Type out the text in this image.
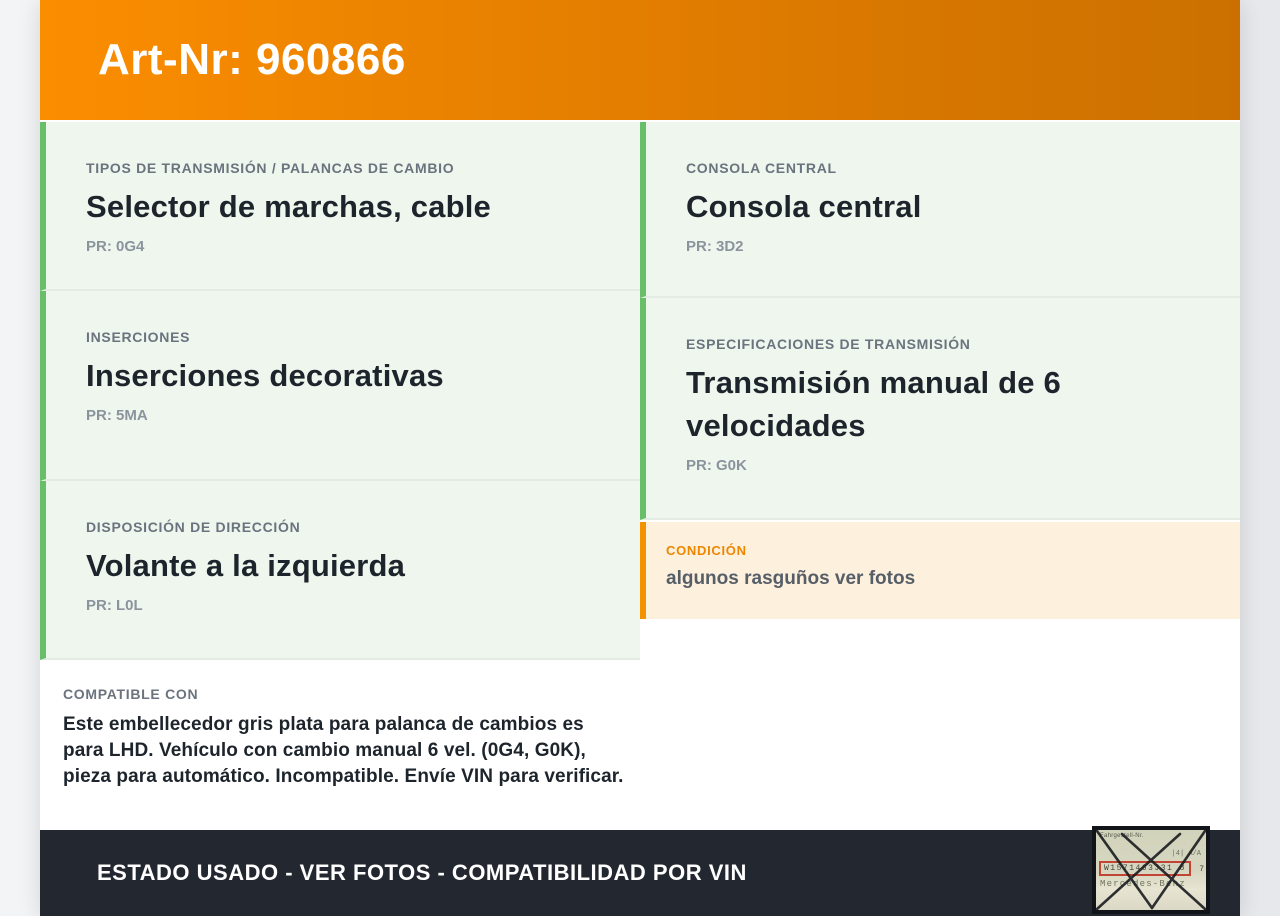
Art-Nr: 960866
TIPOS DE TRANSMISIÓN / PALANCAS DE CAMBIO
Selector de marchas, cable
PR: 0G4
INSERCIONES
Inserciones decorativas
PR: 5MA
DISPOSICIÓN DE DIRECCIÓN
Volante a la izquierda
PR: L0L
CONSOLA CENTRAL
Consola central
PR: 3D2
ESPECIFICACIONES DE TRANSMISIÓN
Transmisión manual de 6 velocidades
PR: G0K
CONDICIÓN
algunos rasguños ver fotos
COMPATIBLE CON
Este embellecedor gris plata para palanca de cambios es para LHD. Vehículo con cambio manual 6 vel. (0G4, G0K), pieza para automático. Incompatible. Envíe VIN para verificar.
ESTADO USADO - VER FOTOS - COMPATIBILIDAD POR VIN
Fahrgestell-Nr.
|4| A/A
W1571463J31 8	7
Mercedes-Benz
